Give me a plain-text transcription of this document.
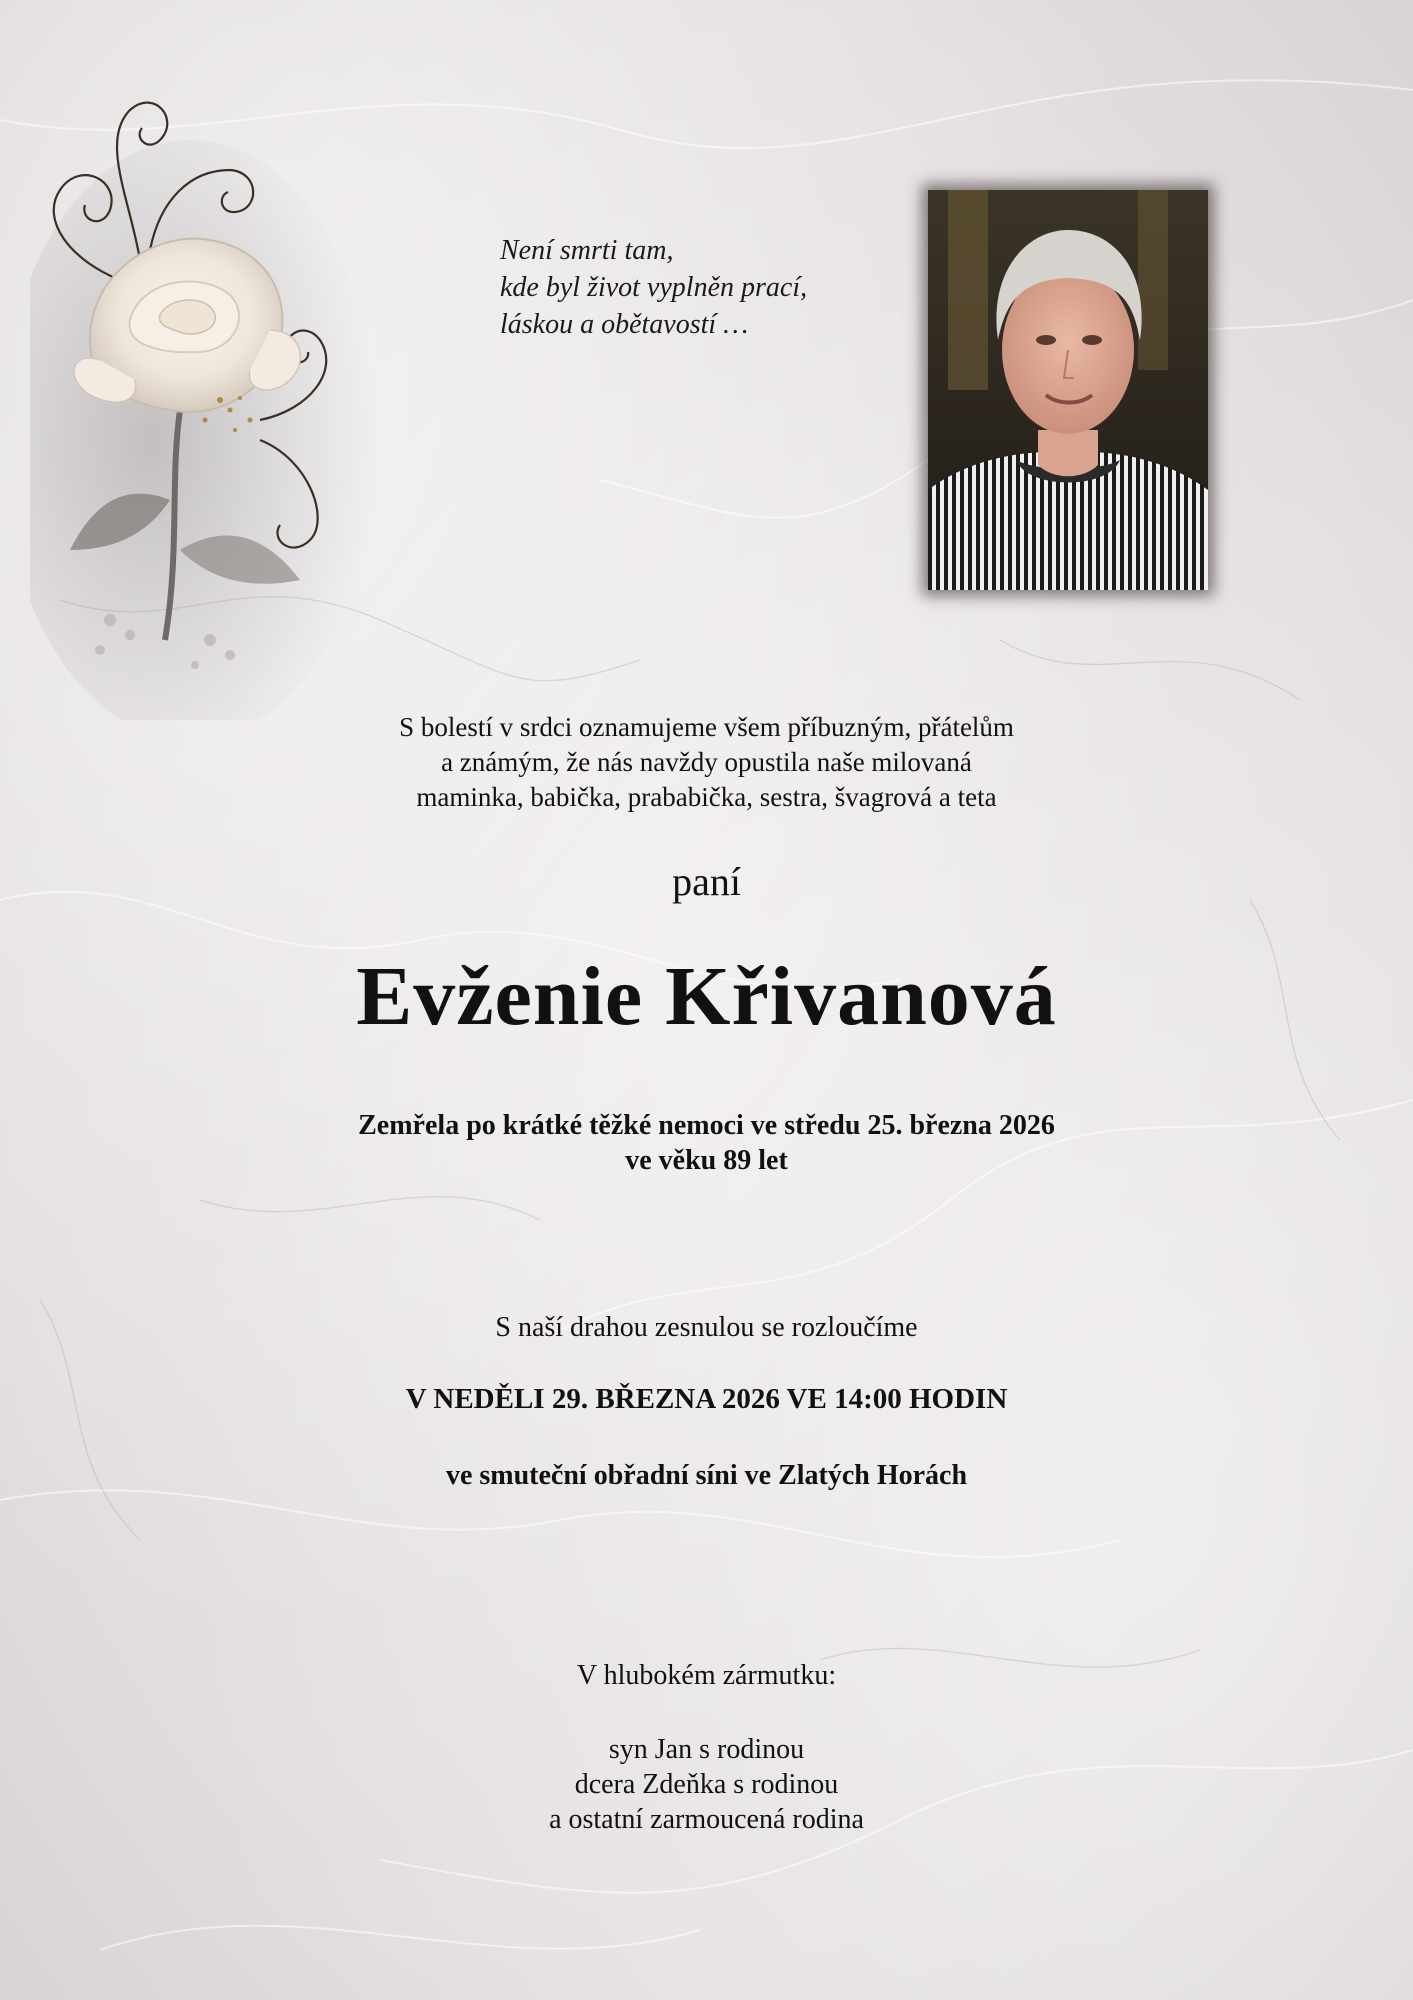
Není smrti tam,
kde byl život vyplněn prací,
láskou a obětavostí …
S bolestí v srdci oznamujeme všem příbuzným, přátelům
a známým, že nás navždy opustila naše milovaná
maminka, babička, prababička, sestra, švagrová a teta
paní
Evženie Křivanová
Zemřela po krátké těžké nemoci ve středu 25. března 2026
ve věku 89 let
S naší drahou zesnulou se rozloučíme
V NEDĚLI 29. BŘEZNA 2026 VE 14:00 HODIN
ve smuteční obřadní síni ve Zlatých Horách
V hlubokém zármutku:
syn Jan s rodinou
dcera Zdeňka s rodinou
a ostatní zarmoucená rodina
